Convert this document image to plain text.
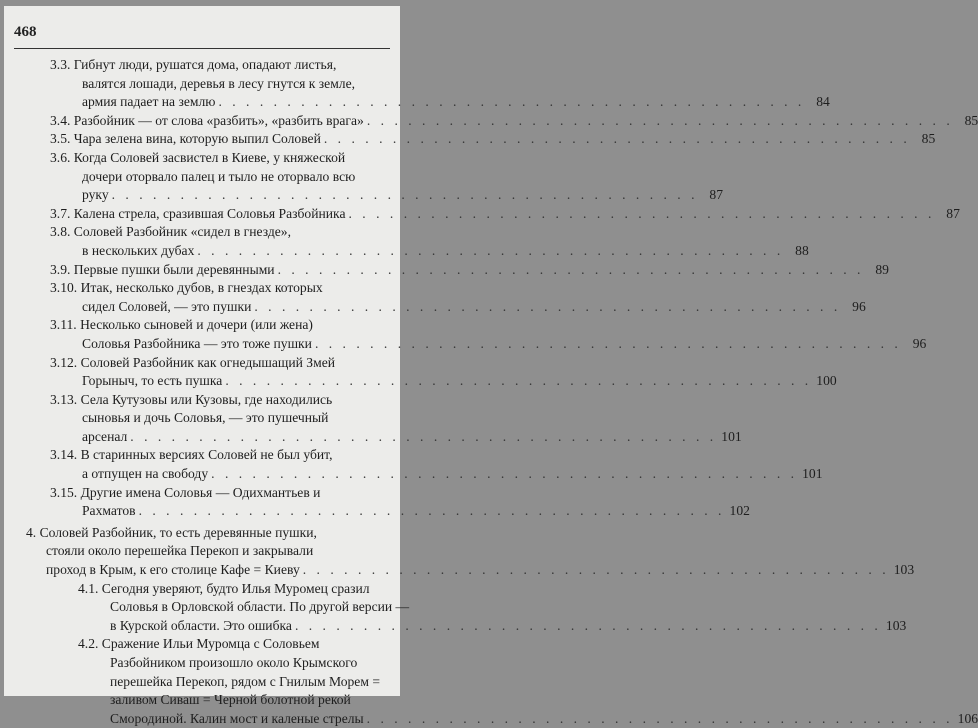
468
3.3. Гибнут люди, рушатся дома, опадают листья,
валятся лошади, деревья в лесу гнутся к земле,
армия падает на землю . . . . . . . . . . . . . . . . . . . . . . . . . . . . . . . . . . . . . . . . . . . 84
3.4. Разбойник — от слова «разбить», «разбить врага» . . . . . . . . . . . . . . . . . . . . . . . . . . . . . . . . . . . . . . . . . . . 85
3.5. Чара зелена вина, которую выпил Соловей . . . . . . . . . . . . . . . . . . . . . . . . . . . . . . . . . . . . . . . . . . . 85
3.6. Когда Соловей засвистел в Киеве, у княжеской
дочери оторвало палец и тыло не оторвало всю
руку . . . . . . . . . . . . . . . . . . . . . . . . . . . . . . . . . . . . . . . . . . . 87
3.7. Калена стрела, сразившая Соловья Разбойника . . . . . . . . . . . . . . . . . . . . . . . . . . . . . . . . . . . . . . . . . . . 87
3.8. Соловей Разбойник «сидел в гнезде»,
в нескольких дубах . . . . . . . . . . . . . . . . . . . . . . . . . . . . . . . . . . . . . . . . . . . 88
3.9. Первые пушки были деревянными . . . . . . . . . . . . . . . . . . . . . . . . . . . . . . . . . . . . . . . . . . . 89
3.10. Итак, несколько дубов, в гнездах которых
сидел Соловей, — это пушки . . . . . . . . . . . . . . . . . . . . . . . . . . . . . . . . . . . . . . . . . . . 96
3.11. Несколько сыновей и дочери (или жена)
Соловья Разбойника — это тоже пушки . . . . . . . . . . . . . . . . . . . . . . . . . . . . . . . . . . . . . . . . . . . 96
3.12. Соловей Разбойник как огнедышащий Змей
Горыныч, то есть пушка . . . . . . . . . . . . . . . . . . . . . . . . . . . . . . . . . . . . . . . . . . . 100
3.13. Села Кутузовы или Кузовы, где находились
сыновья и дочь Соловья, — это пушечный
арсенал . . . . . . . . . . . . . . . . . . . . . . . . . . . . . . . . . . . . . . . . . . . 101
3.14. В старинных версиях Соловей не был убит,
а отпущен на свободу . . . . . . . . . . . . . . . . . . . . . . . . . . . . . . . . . . . . . . . . . . . 101
3.15. Другие имена Соловья — Одихмантьев и
Рахматов . . . . . . . . . . . . . . . . . . . . . . . . . . . . . . . . . . . . . . . . . . . 102
4. Соловей Разбойник, то есть деревянные пушки,
стояли около перешейка Перекоп и закрывали
проход в Крым, к его столице Кафе = Киеву . . . . . . . . . . . . . . . . . . . . . . . . . . . . . . . . . . . . . . . . . . . 103
4.1. Сегодня уверяют, будто Илья Муромец сразил
Соловья в Орловской области. По другой версии —
в Курской области. Это ошибка . . . . . . . . . . . . . . . . . . . . . . . . . . . . . . . . . . . . . . . . . . . 103
4.2. Сражение Ильи Муромца с Соловьем
Разбойником произошло около Крымского
перешейка Перекоп, рядом с Гнилым Морем =
заливом Сиваш = Черной болотной рекой
Смородиной. Калин мост и каленые стрелы . . . . . . . . . . . . . . . . . . . . . . . . . . . . . . . . . . . . . . . . . . . 106
